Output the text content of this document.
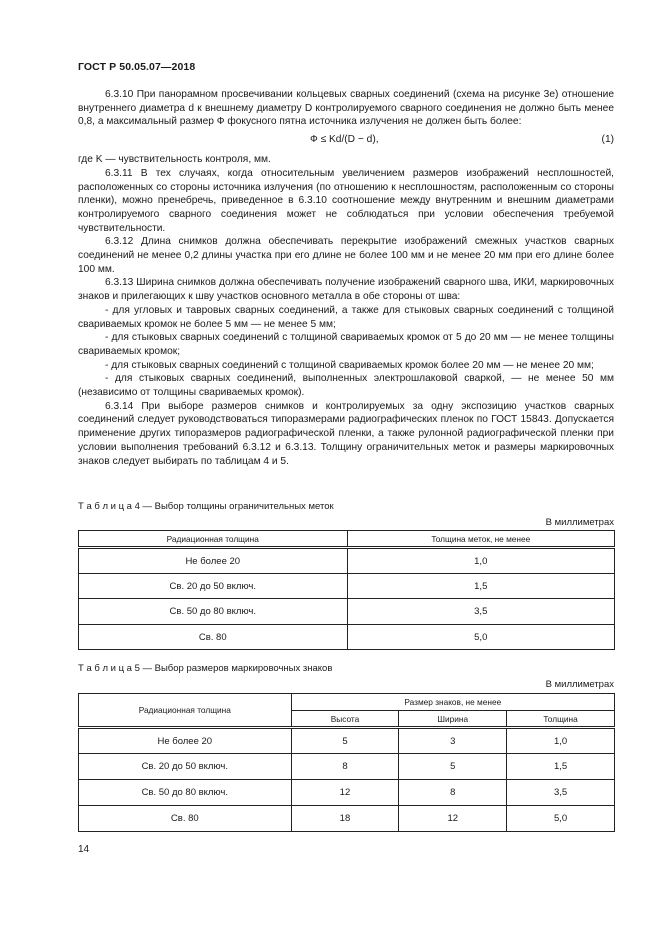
ГОСТ Р 50.05.07—2018

6.3.10 При панорамном просвечивании кольцевых сварных соединений (схема на рисунке 3е) отношение внутреннего диаметра d к внешнему диаметру D контролируемого сварного соединения не должно быть менее 0,8, а максимальный размер Ф фокусного пятна источника излучения не должен быть более:

Ф ≤ Kd/(D − d),	(1)

где K — чувствительность контроля, мм.

6.3.11 В тех случаях, когда относительным увеличением размеров изображений несплошностей, расположенных со стороны источника излучения (по отношению к несплошностям, расположенным со стороны пленки), можно пренебречь, приведенное в 6.3.10 соотношение между внутренним и внешним диаметрами контролируемого сварного соединения может не соблюдаться при условии обеспечения требуемой чувствительности.

6.3.12 Длина снимков должна обеспечивать перекрытие изображений смежных участков сварных соединений не менее 0,2 длины участка при его длине не более 100 мм и не менее 20 мм при его длине более 100 мм.

6.3.13 Ширина снимков должна обеспечивать получение изображений сварного шва, ИКИ, маркировочных знаков и прилегающих к шву участков основного металла в обе стороны от шва:

- для угловых и тавровых сварных соединений, а также для стыковых сварных соединений с толщиной свариваемых кромок не более 5 мм — не менее 5 мм;

- для стыковых сварных соединений с толщиной свариваемых кромок от 5 до 20 мм — не менее толщины свариваемых кромок;

- для стыковых сварных соединений с толщиной свариваемых кромок более 20 мм — не менее 20 мм;

- для стыковых сварных соединений, выполненных электрошлаковой сваркой, — не менее 50 мм (независимо от толщины свариваемых кромок).

6.3.14 При выборе размеров снимков и контролируемых за одну экспозицию участков сварных соединений следует руководствоваться типоразмерами радиографических пленок по ГОСТ 15843. Допускается применение других типоразмеров радиографической пленки, а также рулонной радиографической пленки при условии выполнения требований 6.3.12 и 6.3.13. Толщину ограничительных меток и размеры маркировочных знаков следует выбирать по таблицам 4 и 5.

Т а б л и ц а 4 — Выбор толщины ограничительных меток
В миллиметрах
Радиационная толщина	Толщина меток, не менее
Не более 20	1,0
Св. 20 до 50 включ.	1,5
Св. 50 до 80 включ.	3,5
Св. 80	5,0
Т а б л и ц а 5 — Выбор размеров маркировочных знаков
В миллиметрах
Радиационная толщина	Размер знаков, не менее		
	Высота	Ширина	Толщина
Не более 20	5	3	1,0
Св. 20 до 50 включ.	8	5	1,5
Св. 50 до 80 включ.	12	8	3,5
Св. 80	18	12	5,0
14
